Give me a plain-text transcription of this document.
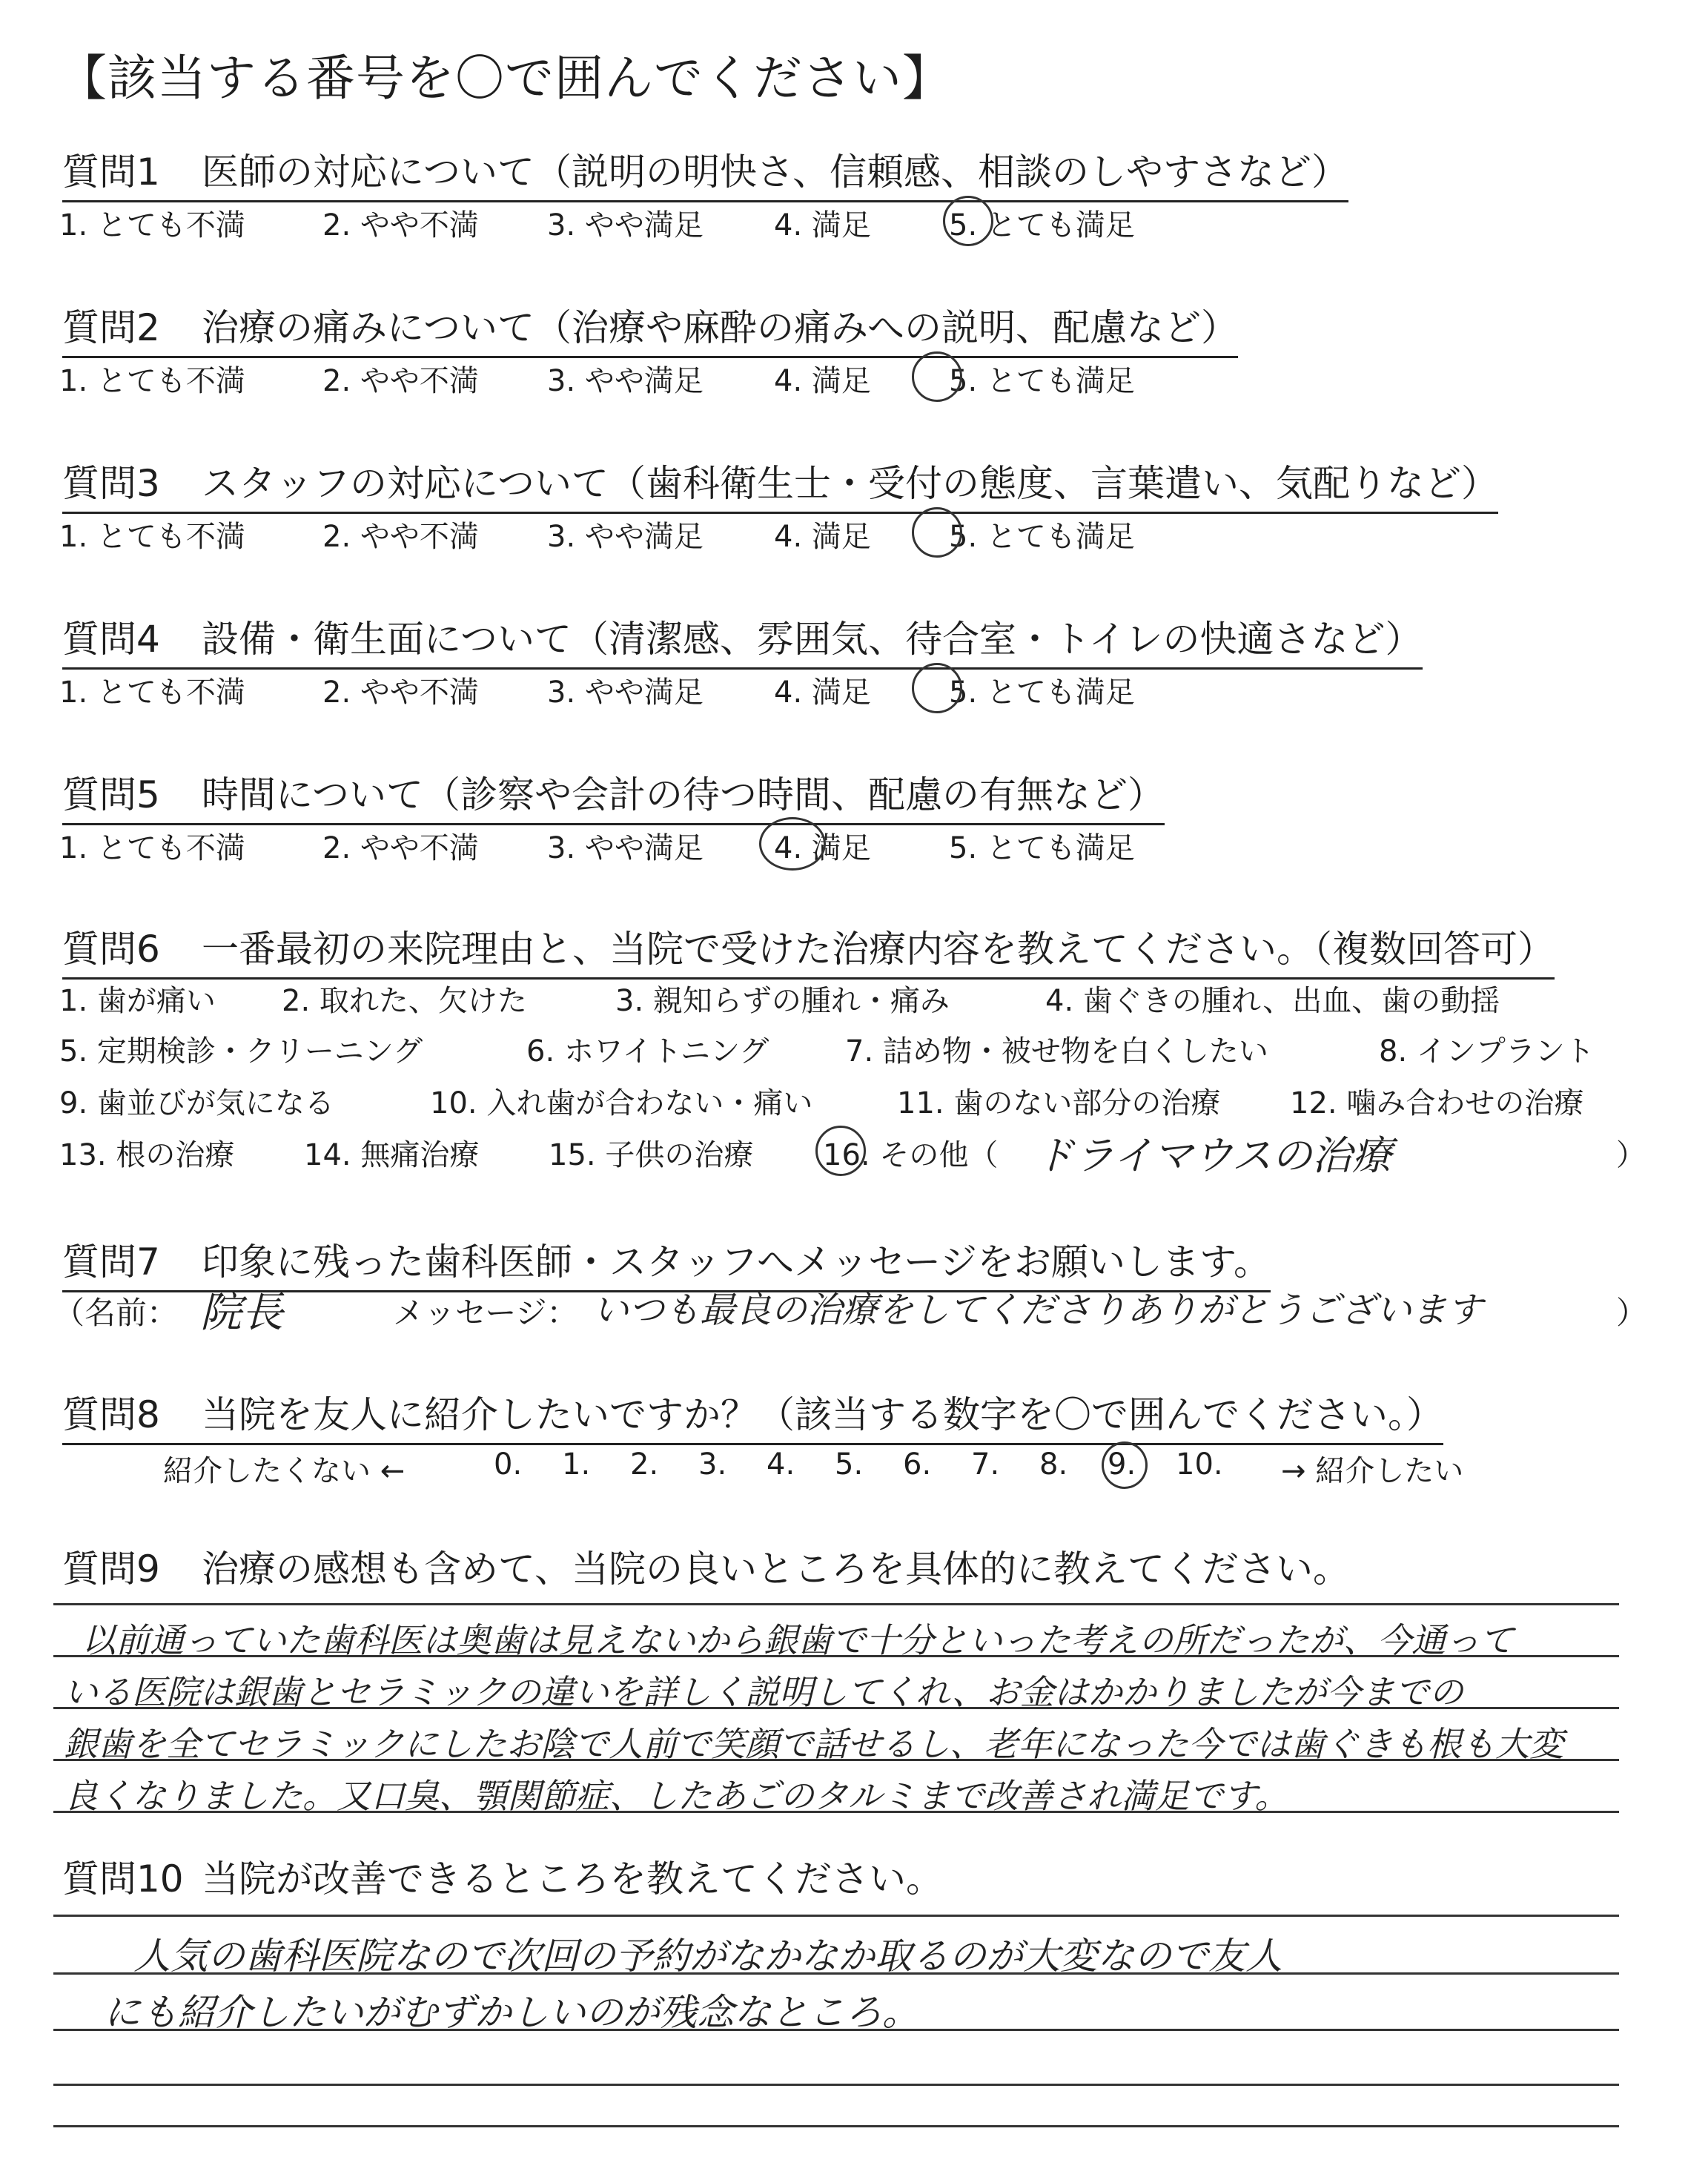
【該当する番号を〇で囲んでください】
質問1 医師の対応について（説明の明快さ、信頼感、相談のしやすさなど）
1. とても不満	2. やや不満 3. やや満足 4. 満足	5. とても満足
質問2 治療の痛みについて（治療や麻酔の痛みへの説明、配慮など）
1. とても不満	2. やや不満 3. やや満足 4. 満足	5. とても満足
質問3 スタッフの対応について（歯科衛生士・受付の態度、言葉遣い、気配りなど）
1. とても不満	2. やや不満 3. やや満足 4. 満足	5. とても満足
質問4 設備・衛生面について（清潔感、雰囲気、待合室・トイレの快適さなど）
1. とても不満	2. やや不満 3. やや満足 4. 満足	5. とても満足
質問5 時間について（診察や会計の待つ時間、配慮の有無など）
1. とても不満	2. やや不満 3. やや満足 4. 満足	5. とても満足
質問6 一番最初の来院理由と、当院で受けた治療内容を教えてください。（複数回答可）
1. 歯が痛い 2. 取れた、欠けた	3. 親知らずの腫れ・痛み	4. 歯ぐきの腫れ、出血、歯の動揺
5. 定期検診・クリーニング	6. ホワイトニング	7. 詰め物・被せ物を白くしたい	8. インプラント
9. 歯並びが気になる	10. 入れ歯が合わない・痛い	11. 歯のない部分の治療 12. 噛み合わせの治療
13. 根の治療 14. 無痛治療 15. 子供の治療 16. その他（ ドライマウスの治療	）
質問7 印象に残った歯科医師・スタッフへメッセージをお願いします。
（名前： 院長	メッセージ： いつも最良の治療をしてくださりありがとうございます	）
質問8 当院を友人に紹介したいですか？（該当する数字を〇で囲んでください。）
紹介したくない ←	0. 1. 2. 3. 4. 5. 6. 7. 8. 9. 10. → 紹介したい
質問9 治療の感想も含めて、当院の良いところを具体的に教えてください。
以前通っていた歯科医は奥歯は見えないから銀歯で十分といった考えの所だったが、今通って
いる医院は銀歯とセラミックの違いを詳しく説明してくれ、お金はかかりましたが今までの
銀歯を全てセラミックにしたお陰で人前で笑顔で話せるし、老年になった今では歯ぐきも根も大変
良くなりました。又口臭、顎関節症、したあごのタルミまで改善され満足です。
質問10 当院が改善できるところを教えてください。
人気の歯科医院なので次回の予約がなかなか取るのが大変なので友人
にも紹介したいがむずかしいのが残念なところ。
